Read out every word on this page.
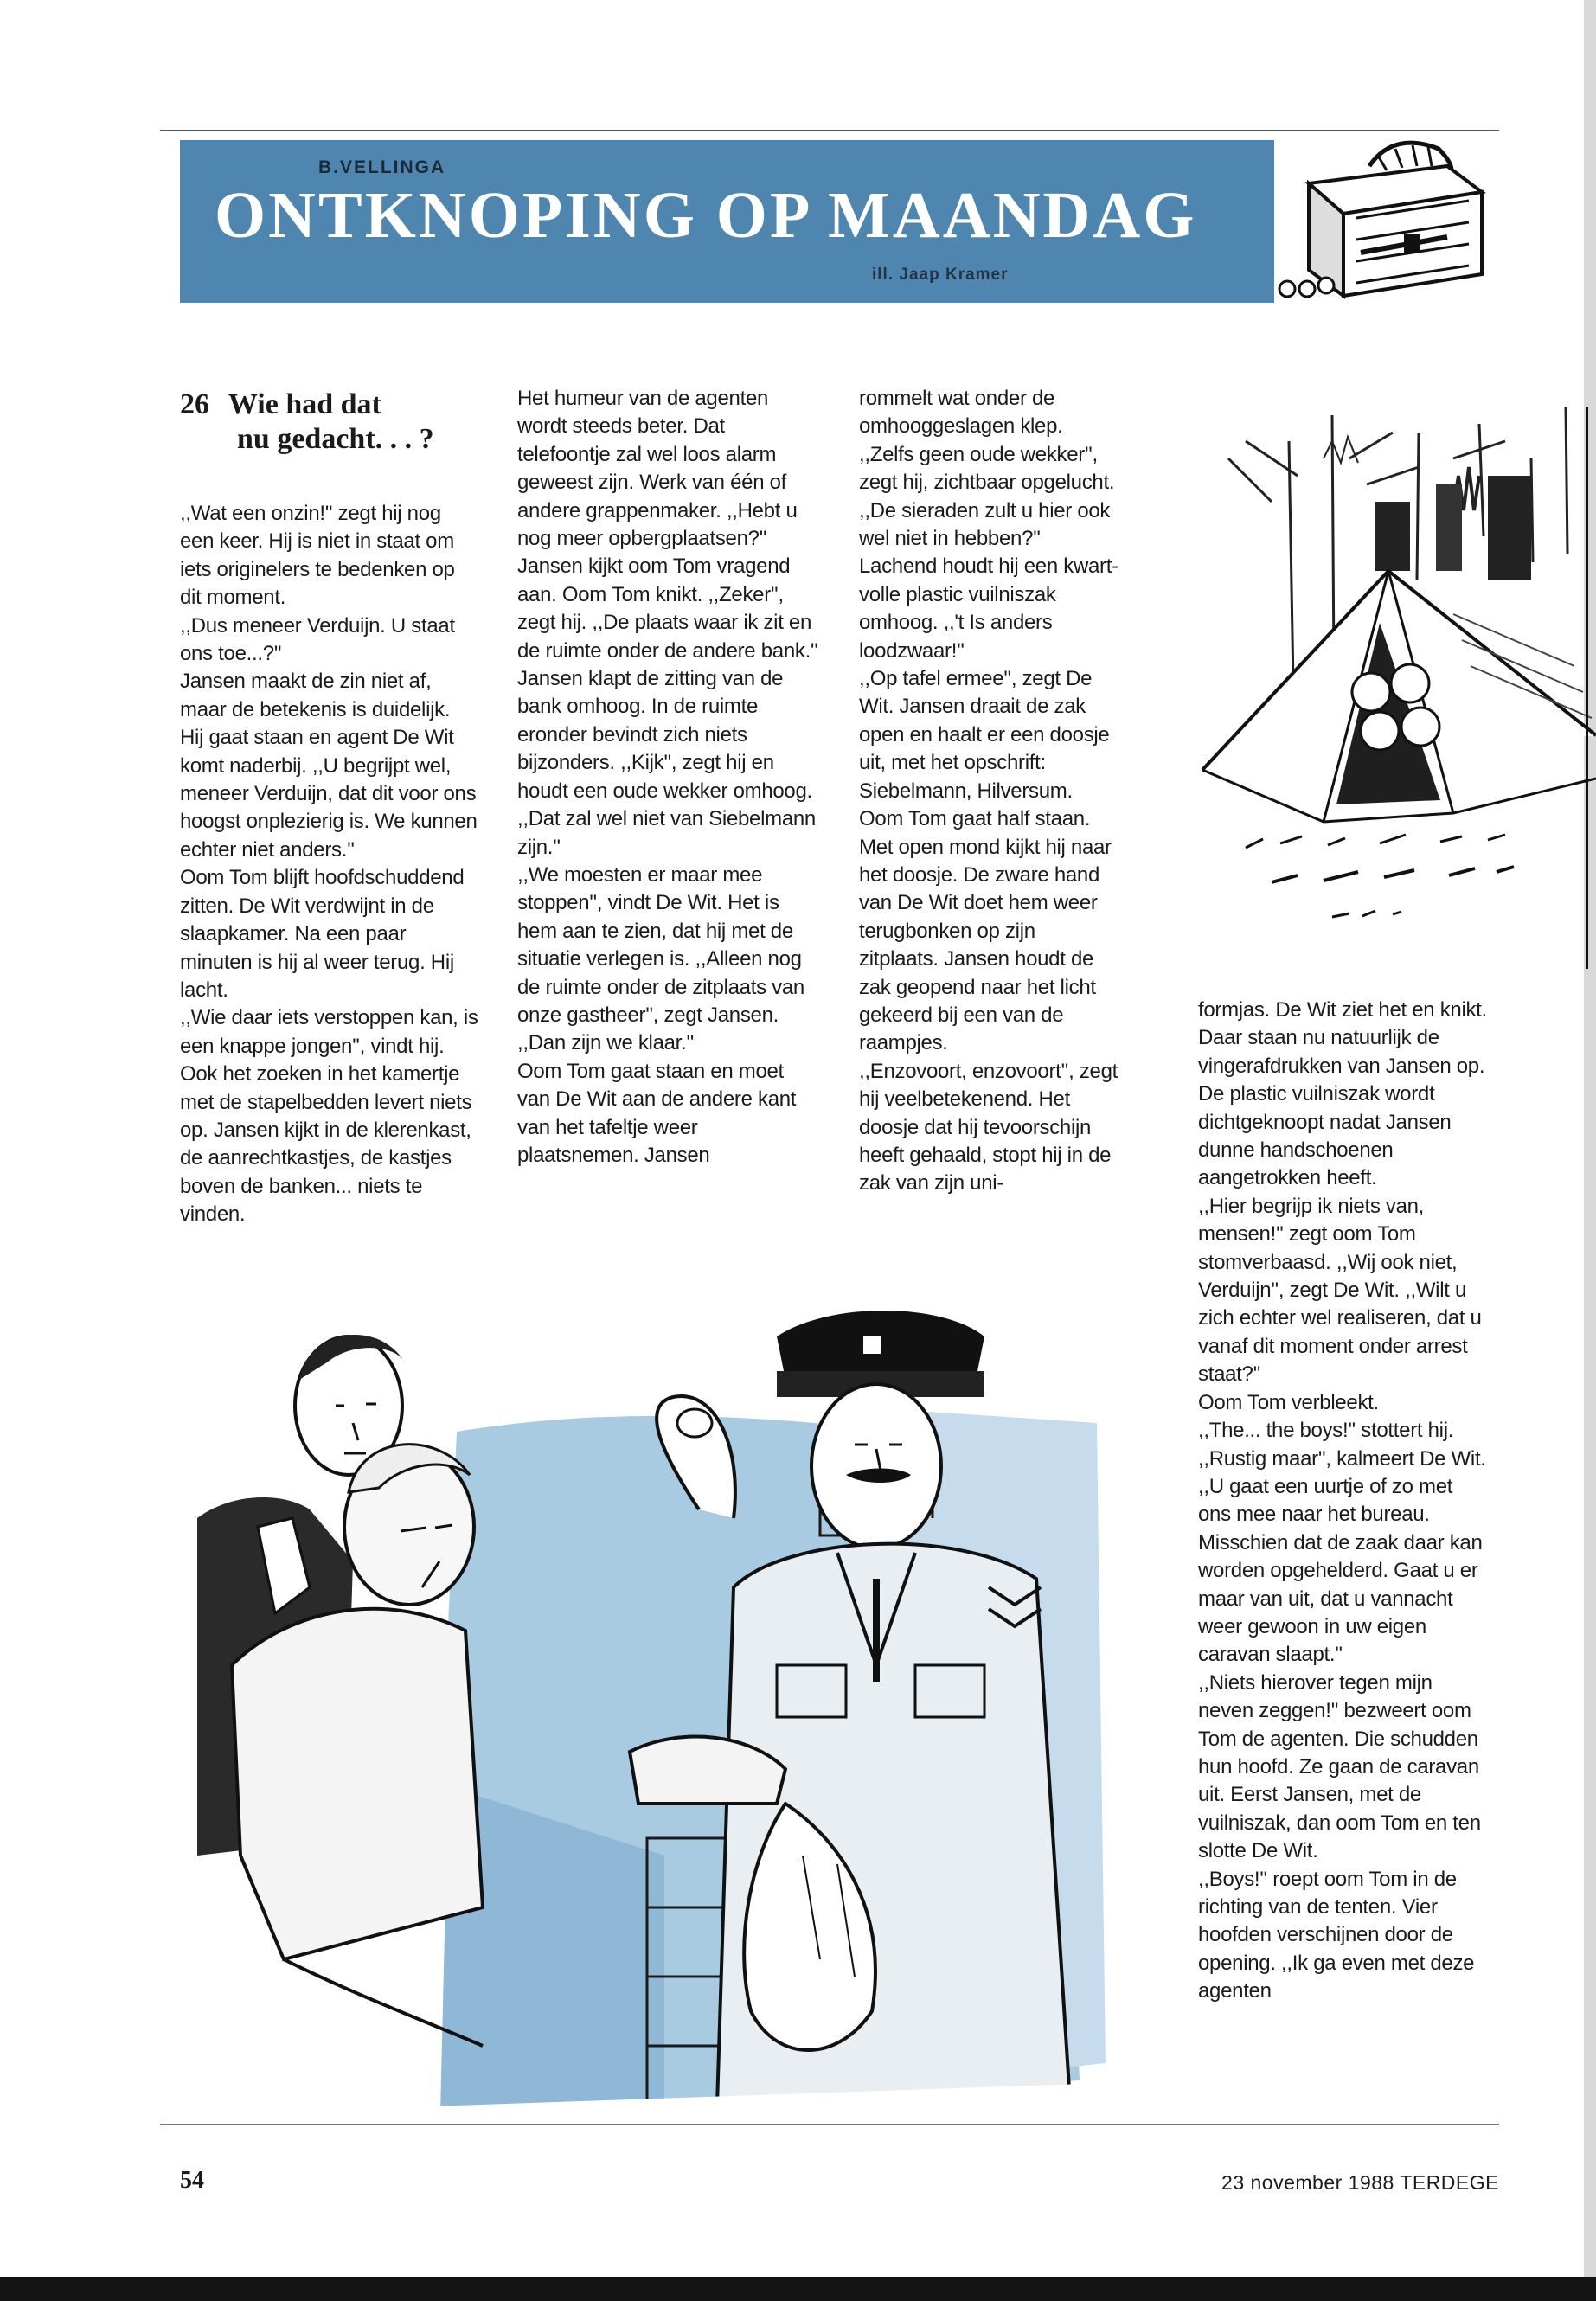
B.VELLINGA
ONTKNOPING OP MAANDAG
ill. Jaap Kramer
26 Wie had dat
nu gedacht. . . ?

,,Wat een onzin!'' zegt hij nog een keer. Hij is niet in staat om iets originelers te bedenken op dit moment.

,,Dus meneer Verduijn. U staat ons toe...?''

Jansen maakt de zin niet af, maar de betekenis is duidelijk. Hij gaat staan en agent De Wit komt naderbij. ,,U begrijpt wel, meneer Verduijn, dat dit voor ons hoogst onplezierig is. We kunnen echter niet anders.''

Oom Tom blijft hoofdschuddend zitten. De Wit verdwijnt in de slaapkamer. Na een paar minuten is hij al weer terug. Hij lacht.

,,Wie daar iets verstoppen kan, is een knappe jongen'', vindt hij. Ook het zoeken in het kamertje met de stapelbedden levert niets op. Jansen kijkt in de klerenkast, de aanrechtkastjes, de kastjes boven de banken... niets te vinden.

Het humeur van de agenten wordt steeds beter. Dat telefoontje zal wel loos alarm geweest zijn. Werk van één of andere grappenmaker. ,,Hebt u nog meer opbergplaatsen?'' Jansen kijkt oom Tom vragend aan. Oom Tom knikt. ,,Zeker'', zegt hij. ,,De plaats waar ik zit en de ruimte onder de andere bank.''

Jansen klapt de zitting van de bank omhoog. In de ruimte eronder bevindt zich niets bijzonders. ,,Kijk'', zegt hij en houdt een oude wekker omhoog. ,,Dat zal wel niet van Siebelmann zijn.''

,,We moesten er maar mee stoppen'', vindt De Wit. Het is hem aan te zien, dat hij met de situatie verlegen is. ,,Alleen nog de ruimte onder de zitplaats van onze gastheer'', zegt Jansen. ,,Dan zijn we klaar.''

Oom Tom gaat staan en moet van De Wit aan de andere kant van het tafeltje weer plaatsnemen. Jansen

rommelt wat onder de omhooggeslagen klep. ,,Zelfs geen oude wekker'', zegt hij, zichtbaar opgelucht.

,,De sieraden zult u hier ook wel niet in hebben?'' Lachend houdt hij een kwart-volle plastic vuilniszak omhoog. ,,'t Is anders loodzwaar!''

,,Op tafel ermee'', zegt De Wit. Jansen draait de zak open en haalt er een doosje uit, met het opschrift: Siebelmann, Hilversum. Oom Tom gaat half staan. Met open mond kijkt hij naar het doosje. De zware hand van De Wit doet hem weer terugbonken op zijn zitplaats. Jansen houdt de zak geopend naar het licht gekeerd bij een van de raampjes.

,,Enzovoort, enzovoort'', zegt hij veelbetekenend. Het doosje dat hij tevoorschijn heeft gehaald, stopt hij in de zak van zijn uni-

formjas. De Wit ziet het en knikt. Daar staan nu natuurlijk de vingerafdrukken van Jansen op. De plastic vuilniszak wordt dichtgeknoopt nadat Jansen dunne handschoenen aangetrokken heeft.

,,Hier begrijp ik niets van, mensen!'' zegt oom Tom stomverbaasd. ,,Wij ook niet, Verduijn'', zegt De Wit. ,,Wilt u zich echter wel realiseren, dat u vanaf dit moment onder arrest staat?''

Oom Tom verbleekt.

,,The... the boys!'' stottert hij. ,,Rustig maar'', kalmeert De Wit. ,,U gaat een uurtje of zo met ons mee naar het bureau. Misschien dat de zaak daar kan worden opgehelderd. Gaat u er maar van uit, dat u vannacht weer gewoon in uw eigen caravan slaapt.''

,,Niets hierover tegen mijn neven zeggen!'' bezweert oom Tom de agenten. Die schudden hun hoofd. Ze gaan de caravan uit. Eerst Jansen, met de vuilniszak, dan oom Tom en ten slotte De Wit.

,,Boys!'' roept oom Tom in de richting van de tenten. Vier hoofden verschijnen door de opening. ,,Ik ga even met deze agenten

54	23 november 1988 TERDEGE
